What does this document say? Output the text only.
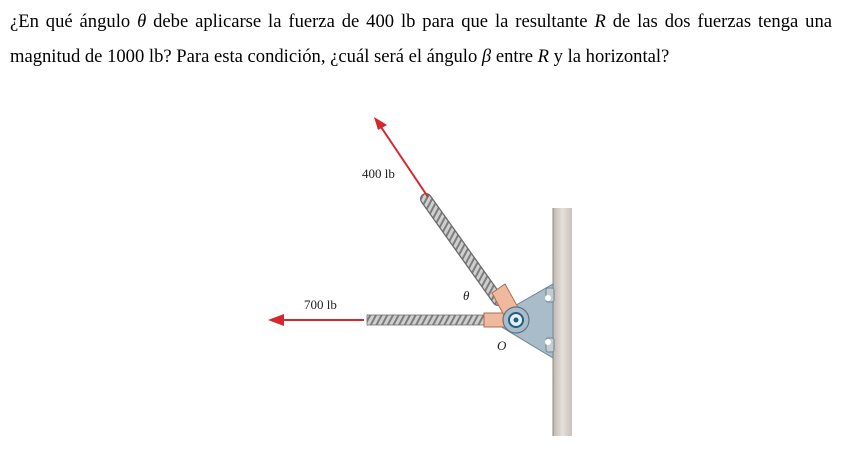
¿En qué ángulo θ debe aplicarse la fuerza de 400 lb para que la resultante R de las dos fuerzas tenga una magnitud de 1000 lb? Para esta condición, ¿cuál será el ángulo β entre R y la horizontal?

400 lb
700 lb
θ
O
